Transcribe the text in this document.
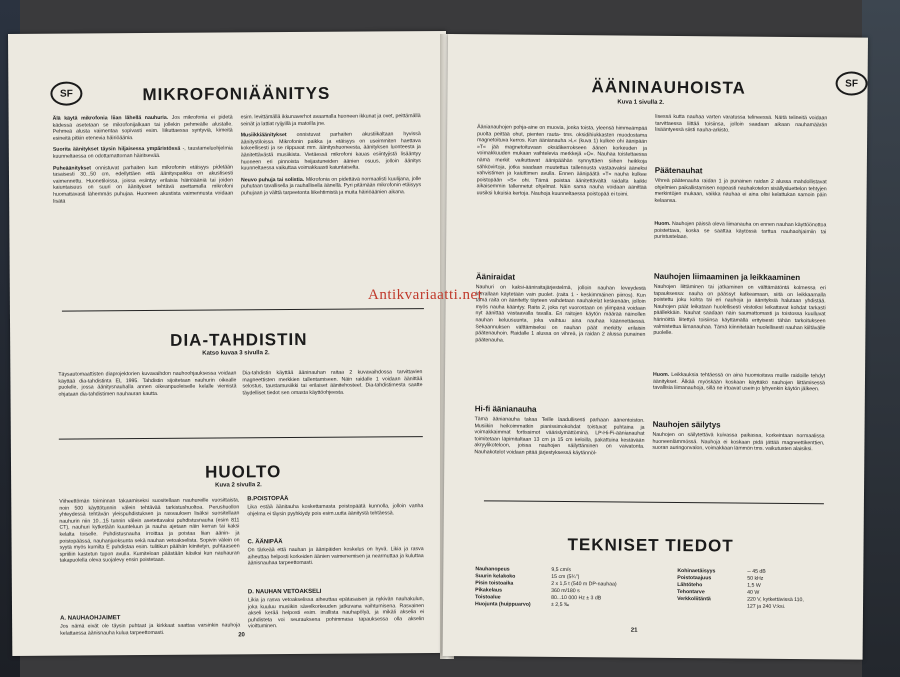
SF	MIKROFONIÄÄNITYS

Älä käytä mikrofonia liian lähellä nauhuria. Jos mikrofonia ei pidetä kädessä asetetaan se mikrofonijalkaan tai jollekin pehmeälle alustalle. Pehmeä alusta vaimentaa sopivasti esim. liikuttaessa syntyviä, kimeitä esineitä pitkin etenevia häiriöäänia.

Suorita äänitykset täysin hiljaisessa ympäristössä -, taustameluohjelmia kuunneltaessa on odottamattoman häiritsevää.

Puheäänitykset onnistuvat parhaiten kun mikrofonin etäisyys pidetään tasaisesti 30...50 cm, edellyttäen että äänityspaikka on akustisesti vaimennettu. Huonetiloissa, joissa esiintyy erilaisia häiriöääniä tai joiden kaiuntaisuus on suuri on äänitykset tehtävä asettamalla mikrofoni huomattavasti lähemmäs puhujaa. Huoneen akustista vaimennusta voidaan lisätä

esim. levittämällä ikkunaverhot avaamalla huoneen ikkunat ja ovet, peittämällä seinät ja lattiat ryijyillä ja matoilla jne.

Musiikkiäänitykset onnistuvat parhaiten akustiikaltaan hyvissä äänitystiloissa. Mikrofonin paikka ja etäisyys on useimmiten haettava kokeellisesti ja se riippuvat mm. äänityshuoneesta, äänityksen luonteesta ja äänitettävästä musiikista. Vietäessä mikrofoni kauas esiintyjistä lisääntyy huoneen eri pinnoista heijastuneiden äänien osuus, jolloin äänitys kuunneltaessa vaikuttaa voimakkaasti kaiuntaiselta.

Neuvo puhuja tai solistia. Mikrofonia on pidettävä normaalisti kuulijana, jolle puhutaan tavallisella ja rauhallisella äänellä. Pyri pitämään mikrofonin etäisyys puhujaan ja välttä tarpeetonta liikehtimistä ja muita häiriöäänien aikana.

DIA-TAHDISTIN

Katso kuvaa 3 sivulla 2.

Täysautomaattisten diaprojektorien kuvavaihdon nauhoohjauksessa voidaan käyttää dia-tahdistinta EL 1995. Tahdistin sijoitetaan nauhurin oikealle puolelle, jossa äänitysnauhalla annen oikeanpuoleiselle kelalle viemistä ohjataan dia-tahdistimen nauhauran kautta.

Dia-tahdistin käyttää ääninauhan raitaa 2 kuvavaihdossa tarvittavien magneettisten merkkien tallentamiseen. Näin raidalle 1 voidaan äänittää selostus, taustamusiikki tai erilaiset äänitehosteet. Dia-tahdistimesta saatte täydelliset tiedot sen omasta käyttöohjeesta.

HUOLTO

Kuva 2 sivulla 2.

Viiheettömän toiminnan takaamiseksi suositellaan nauhureille vuosittaista, noin 500 käyttötunnin välein tehtävää tarkistushuoltoa. Perushuollon yhteydessä tehtävän yleispuhdistuksen ja rasvauksen lisäksi suositellaan nauhurin niin 10...15 tunnin välein asetettavaksi puhdistusnauha (esim 811 CT), nauhuri kytketään kuunteluun ja nauha ajetaan näin kerran tai kaksi kelalta toiselle. Puhdistusnauha irroittaa ja poistaa liian äänin- ja poistopäässä, nauhanjuoksunta sekä nauhan vetoakselista. Sopivin välein on syytä myös kumilta E puhdistaa esim. tulitikun päähän kiinitetyn, puhtaaseen spriiliin kastetun tupon avulla. Kumiteloan päästään käsiksi kun nauhauran takapuolella oleva suojalevy ensin poistetaan.

A. NAUHAOHJAIMET

Jos nämä eivät ole täysin puhtaat ja kirkkaat saattaa varsinkin nauhoja kelattaessa äänisnauha kulua tarpeettomasti.

B.POISTOPÄÄ

Lika estää äänitauha koskettamasta poistopäätä kunnolla, jolloin vanha ohjelma ei täysin pyyhkiydy pois esim.uutta äänitystä tehtäessä.

C. ÄÄNIPÄÄ

On tärkeää että nauhan ja äänipäiden koskelus on hyvä. Likia ja rasva aiheuttaa helposti korkeiden äänien vaimenemisen ja nearmuttaa ja kuluttaa äänisnauhaa tarpeettomasti.

D. NAUHAN VETOAKSELI

Likia ja rasva vetoakselissa aiheuttaa epätasaisen ja nykivän nauhakulun, joka kuuluu musiikin sävelkorkeuden jatkuvana vaihtumisena. Rasvainen akseli kerää helposti esim. irrallista nauhapölyä, ja mikäli akselia ei puhdisteta voi seurauksena pohimmasa tapauksessa olla akselin vioittuminen.

20
ÄÄNINAUHOISTA	SF

Kuva 1 sivulla 2.

Äänianauhojen pohja-aine on muovia, jonka toista, yleensä himmeämpää puolta peittää ohut, pienten rauta- tms. oksidihiukkasten muodostama magnetoituva kerros. Kun äänianauha »L« (kuva 1) kulkee ohi äänipään »T« jää magnetoituvaan oksidikerrokseen äänen korkeuden ja voimakkuuden mukaan vaihtelevia merkkejä »O«. Nauhaa toistettaessa nämä merkit vaikuttavat äänipäähän synnyttäen siihen heikkoja sähkövirtoja, jotka saadaan muutettua tallennusta vastaavaksi ääneksi vahvistimen ja kaiuttimen avulla. Ennen äänipäätä »T« nauha kulkee poistopään »S« ohi. Tämä poistaa äänitettävältä raidalta kaikki aikaisemmin tallennetut ohjelmat. Näin sama nauha voidaan äänittää uusiksi lukuisia kertoja. Nauhoja kuunneltaessa poistopää ei toimi.

Ääniraidat

Nauhuri on kaksi-ääniraitajärjestelmä, jolloin nauhan leveydestä kerrallaan käytetään vain puolet. (raita 1 - keskimmäinen piirros). Kun tämä raita on äänitetty täyteen vaihdetaan nauhakelat keskenään, jolloin myös nauha kääntyy. Raita 2, joka nyt vuorostaan on ylimpänä voidaan nyt äänittää vastaavalla tavalla. Eri raitojen käytön määrää näinollen nauhan keluusuunta, joka vaihtuu aina nauhaa käännettäessä. Sekaannuksen välttämiseksi on nauhan päät merkitty erilaisin päätenauhoin. Raidalle 1 alussa on vihreä, ja raidan 2 alussa punainen päätenauha.

Hi-fi äänianauha

Tämä äänianauha takaa Teille laadullisesti parhaan äänentoiston. Musiikin heikoimmatkin pianissimokohdat toistuvat puhtaina ja voimakkaimmat fortissimot väärislymättöminä. LP-Hi-Fi-äänianauhat toimitetaan läpimitaltaan 13 cm ja 15 cm keloilla, pakattuina kestävään akryylikoteloon, joissa nauhojen säilyttäminen on vaivatonta. Nauhakotelot voidaan pitää järjestyksessä käytännöl-

lisessä kutta nauhaa varten varatussa telineessä. Näitä telineitä voidaan tarvittaessa liittää toisiinsa, jolloin saadaan aikaan nauhamäärän lisääntyessä siisti nauha-arkisto.

Päätenauhat

Vihreä päätenauha raidan 1 ja punainen raidan 2 alussa mahdollistavat ohjelmien paikallistamisen nopeasti nauhakotelon sisällysluettelon tehtyjen merkintöjen mukaan, vaikka nauhaa ei aina olisi kelattukan samoin päin kelaansa.

Huom. Nauhojen päissä oleva liimanauha on ennen nauhan käyttöönottoa poistettava, koska se saattaa käytössä tarttua nauhaohjaimiin tai puristustelaan.

Nauhojen liimaaminen ja leikkaaminen

Nauhojen liittäminen tai jatkaminen on välttämätöntä kolmessa eri tapauksessa: nauha on päässyt katkeamaan, siitä on leikkaamalla poistettu joku kohta tai eri nauhoja ja äänityksiä halutaan yhdistää. Nauhojen päät leikataan huolellisesti viistoiksi leikattavat kohdat tarkasti päällekkäin. Nauhat saadaan näin saumattomasti ja toistossa kuulluvat härinöittä liitettyä toisiinsa käyttämällä erityisesti tähän tarkoitukseen valmistettua liimanauhaa. Tämä kiinnitetään huolellisesti nauhan kiiltävälle puolelle.

Huom. Leikkauksia tehtäessä on aina huomioitava muille raidoille tehdyt äänitykset. Älkää myöskään koskaan käyttäkö nauhojen liittämisessä tavallisia liimanauhoja, sillä ne irtoavat usein jo lyhyenkin käytön jälkeen.

Nauhojen säilytys

Nauhojen on säilytettävä kuivassa paikassa, korkeintaan normaalissa huoneenlämmössä. Nauhoja ei koskaan pidä jättää magneettikenttien, suoran auringonvalon, voimakkaan lämmön tms. vaikutusten alaisiksi.

TEKNISET TIEDOT
Nauhanopeus	9,5 cm/s
Suurin kelakoko	15 cm (5¾")
Pisin toistoaika	2 x 1,5 t (540 m DP-nauhaa)
Pikakelaus	360 m/180 s
Toistoalue	80...10 000 Hz ± 3 dB
Huojunta (huippuarvo)	± 2,5 ‰
Kohinaetäisyys	-- 45 dB
Poistotaajuus	50 kHz
Lähtöteho	1,5 W
Tehontarve	40 W
Verkkoliitäntä	220 V, kytkettävissä 110, 127 ja 240 V:ksi.
21
Antikvariaatti.net
